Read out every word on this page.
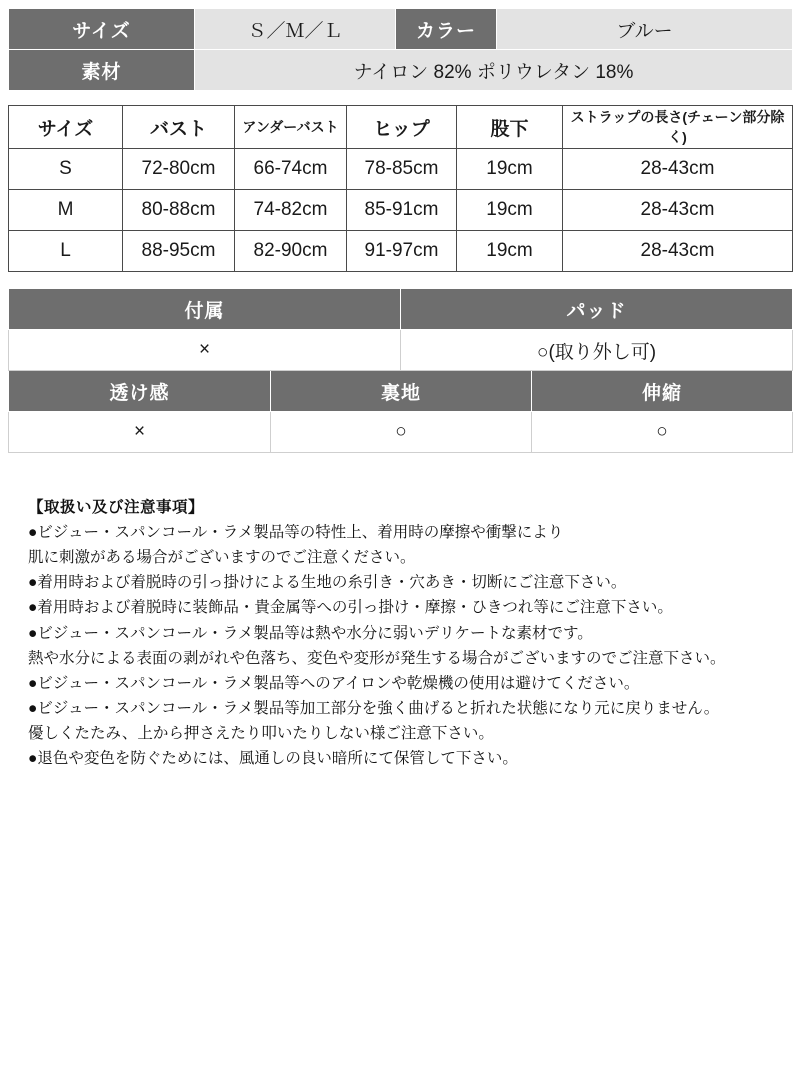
サイズ	Ｓ／Ｍ／Ｌ	カラー	ブルー
素材	ナイロン 82% ポリウレタン 18%		
サイズ	バスト	アンダーバスト	ヒップ	股下	ストラップの長さ(チェーン部分除く)
S	72-80cm	66-74cm	78-85cm	19cm	28-43cm
M	80-88cm	74-82cm	85-91cm	19cm	28-43cm
L	88-95cm	82-90cm	91-97cm	19cm	28-43cm
付属		パッド	
×		○(取り外し可)	
透け感	裏地		伸縮
×	○		○

【取扱い及び注意事項】

●ビジュー・スパンコール・ラメ製品等の特性上、着用時の摩擦や衝撃により

肌に刺激がある場合がございますのでご注意ください。

●着用時および着脱時の引っ掛けによる生地の糸引き・穴あき・切断にご注意下さい。

●着用時および着脱時に装飾品・貴金属等への引っ掛け・摩擦・ひきつれ等にご注意下さい。

●ビジュー・スパンコール・ラメ製品等は熱や水分に弱いデリケートな素材です。

熱や水分による表面の剥がれや色落ち、変色や変形が発生する場合がございますのでご注意下さい。

●ビジュー・スパンコール・ラメ製品等へのアイロンや乾燥機の使用は避けてください。

●ビジュー・スパンコール・ラメ製品等加工部分を強く曲げると折れた状態になり元に戻りません。

優しくたたみ、上から押さえたり叩いたりしない様ご注意下さい。

●退色や変色を防ぐためには、風通しの良い暗所にて保管して下さい。
